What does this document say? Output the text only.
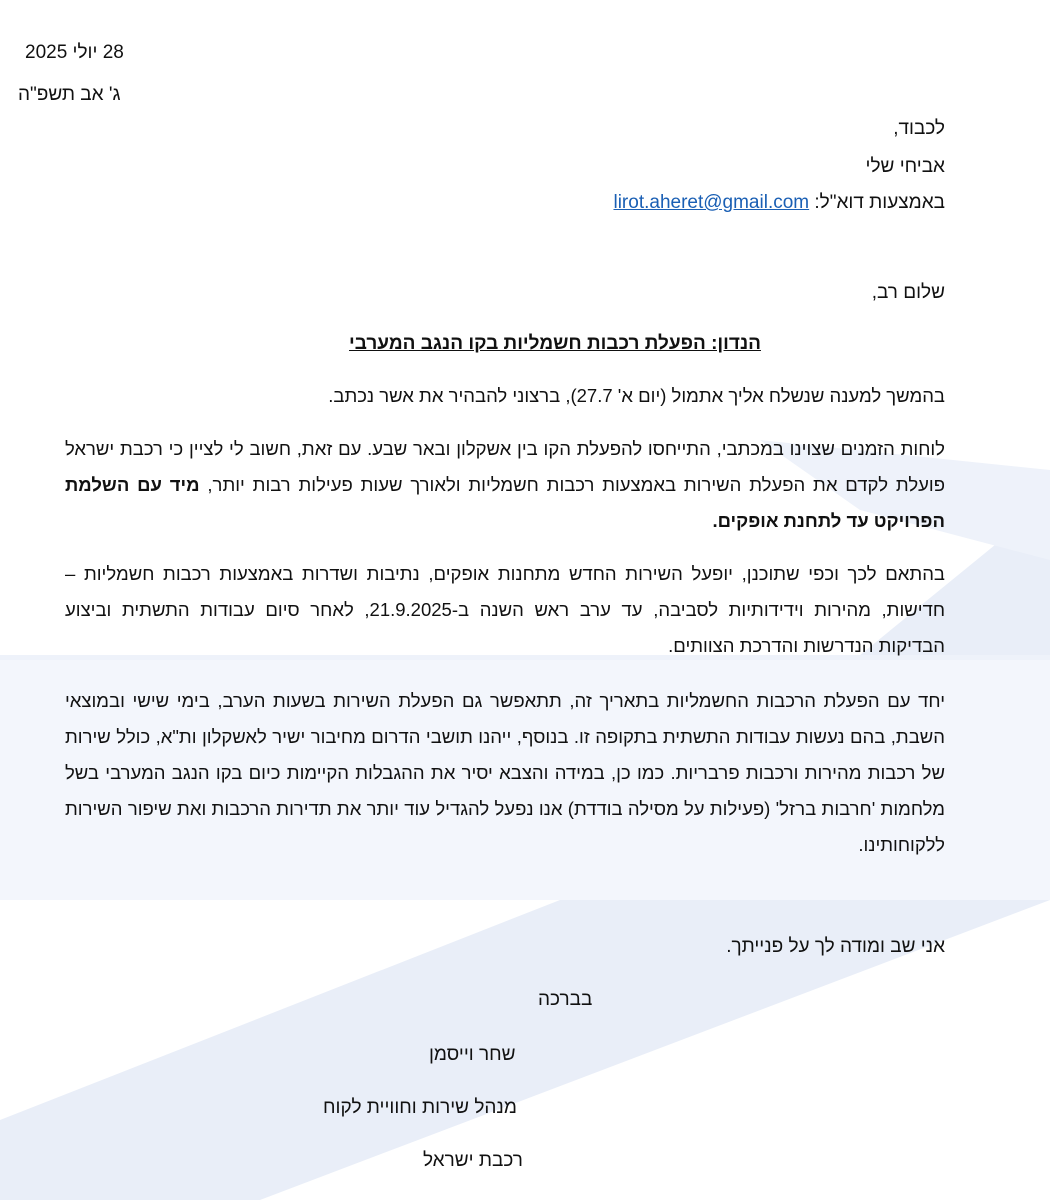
28 יולי 2025
ג' אב תשפ"ה
לכבוד,
אביחי שלי
באמצעות דוא"ל: lirot.aheret@gmail.com
שלום רב,
הנדון: הפעלת רכבות חשמליות בקו הנגב המערבי
בהמשך למענה שנשלח אליך אתמול (יום א' 27.7), ברצוני להבהיר את אשר נכתב.
לוחות הזמנים שצוינו במכתבי, התייחסו להפעלת הקו בין אשקלון ובאר שבע. עם זאת, חשוב לי לציין כי רכבת ישראל פועלת לקדם את הפעלת השירות באמצעות רכבות חשמליות ולאורך שעות פעילות רבות יותר, מיד עם השלמת הפרויקט עד לתחנת אופקים.
בהתאם לכך וכפי שתוכנן, יופעל השירות החדש מתחנות אופקים, נתיבות ושדרות באמצעות רכבות חשמליות – חדישות, מהירות וידידותיות לסביבה, עד ערב ראש השנה ב-21.9.2025, לאחר סיום עבודות התשתית וביצוע הבדיקות הנדרשות והדרכת הצוותים.
יחד עם הפעלת הרכבות החשמליות בתאריך זה, תתאפשר גם הפעלת השירות בשעות הערב, בימי שישי ובמוצאי השבת, בהם נעשות עבודות התשתית בתקופה זו. בנוסף, ייהנו תושבי הדרום מחיבור ישיר לאשקלון ות"א, כולל שירות של רכבות מהירות ורכבות פרבריות. כמו כן, במידה והצבא יסיר את ההגבלות הקיימות כיום בקו הנגב המערבי בשל מלחמות 'חרבות ברזל' (פעילות על מסילה בודדת) אנו נפעל להגדיל עוד יותר את תדירות הרכבות ואת שיפור השירות ללקוחותינו.
אני שב ומודה לך על פנייתך.
בברכה
שחר וייסמן
מנהל שירות וחוויית לקוח
רכבת ישראל
